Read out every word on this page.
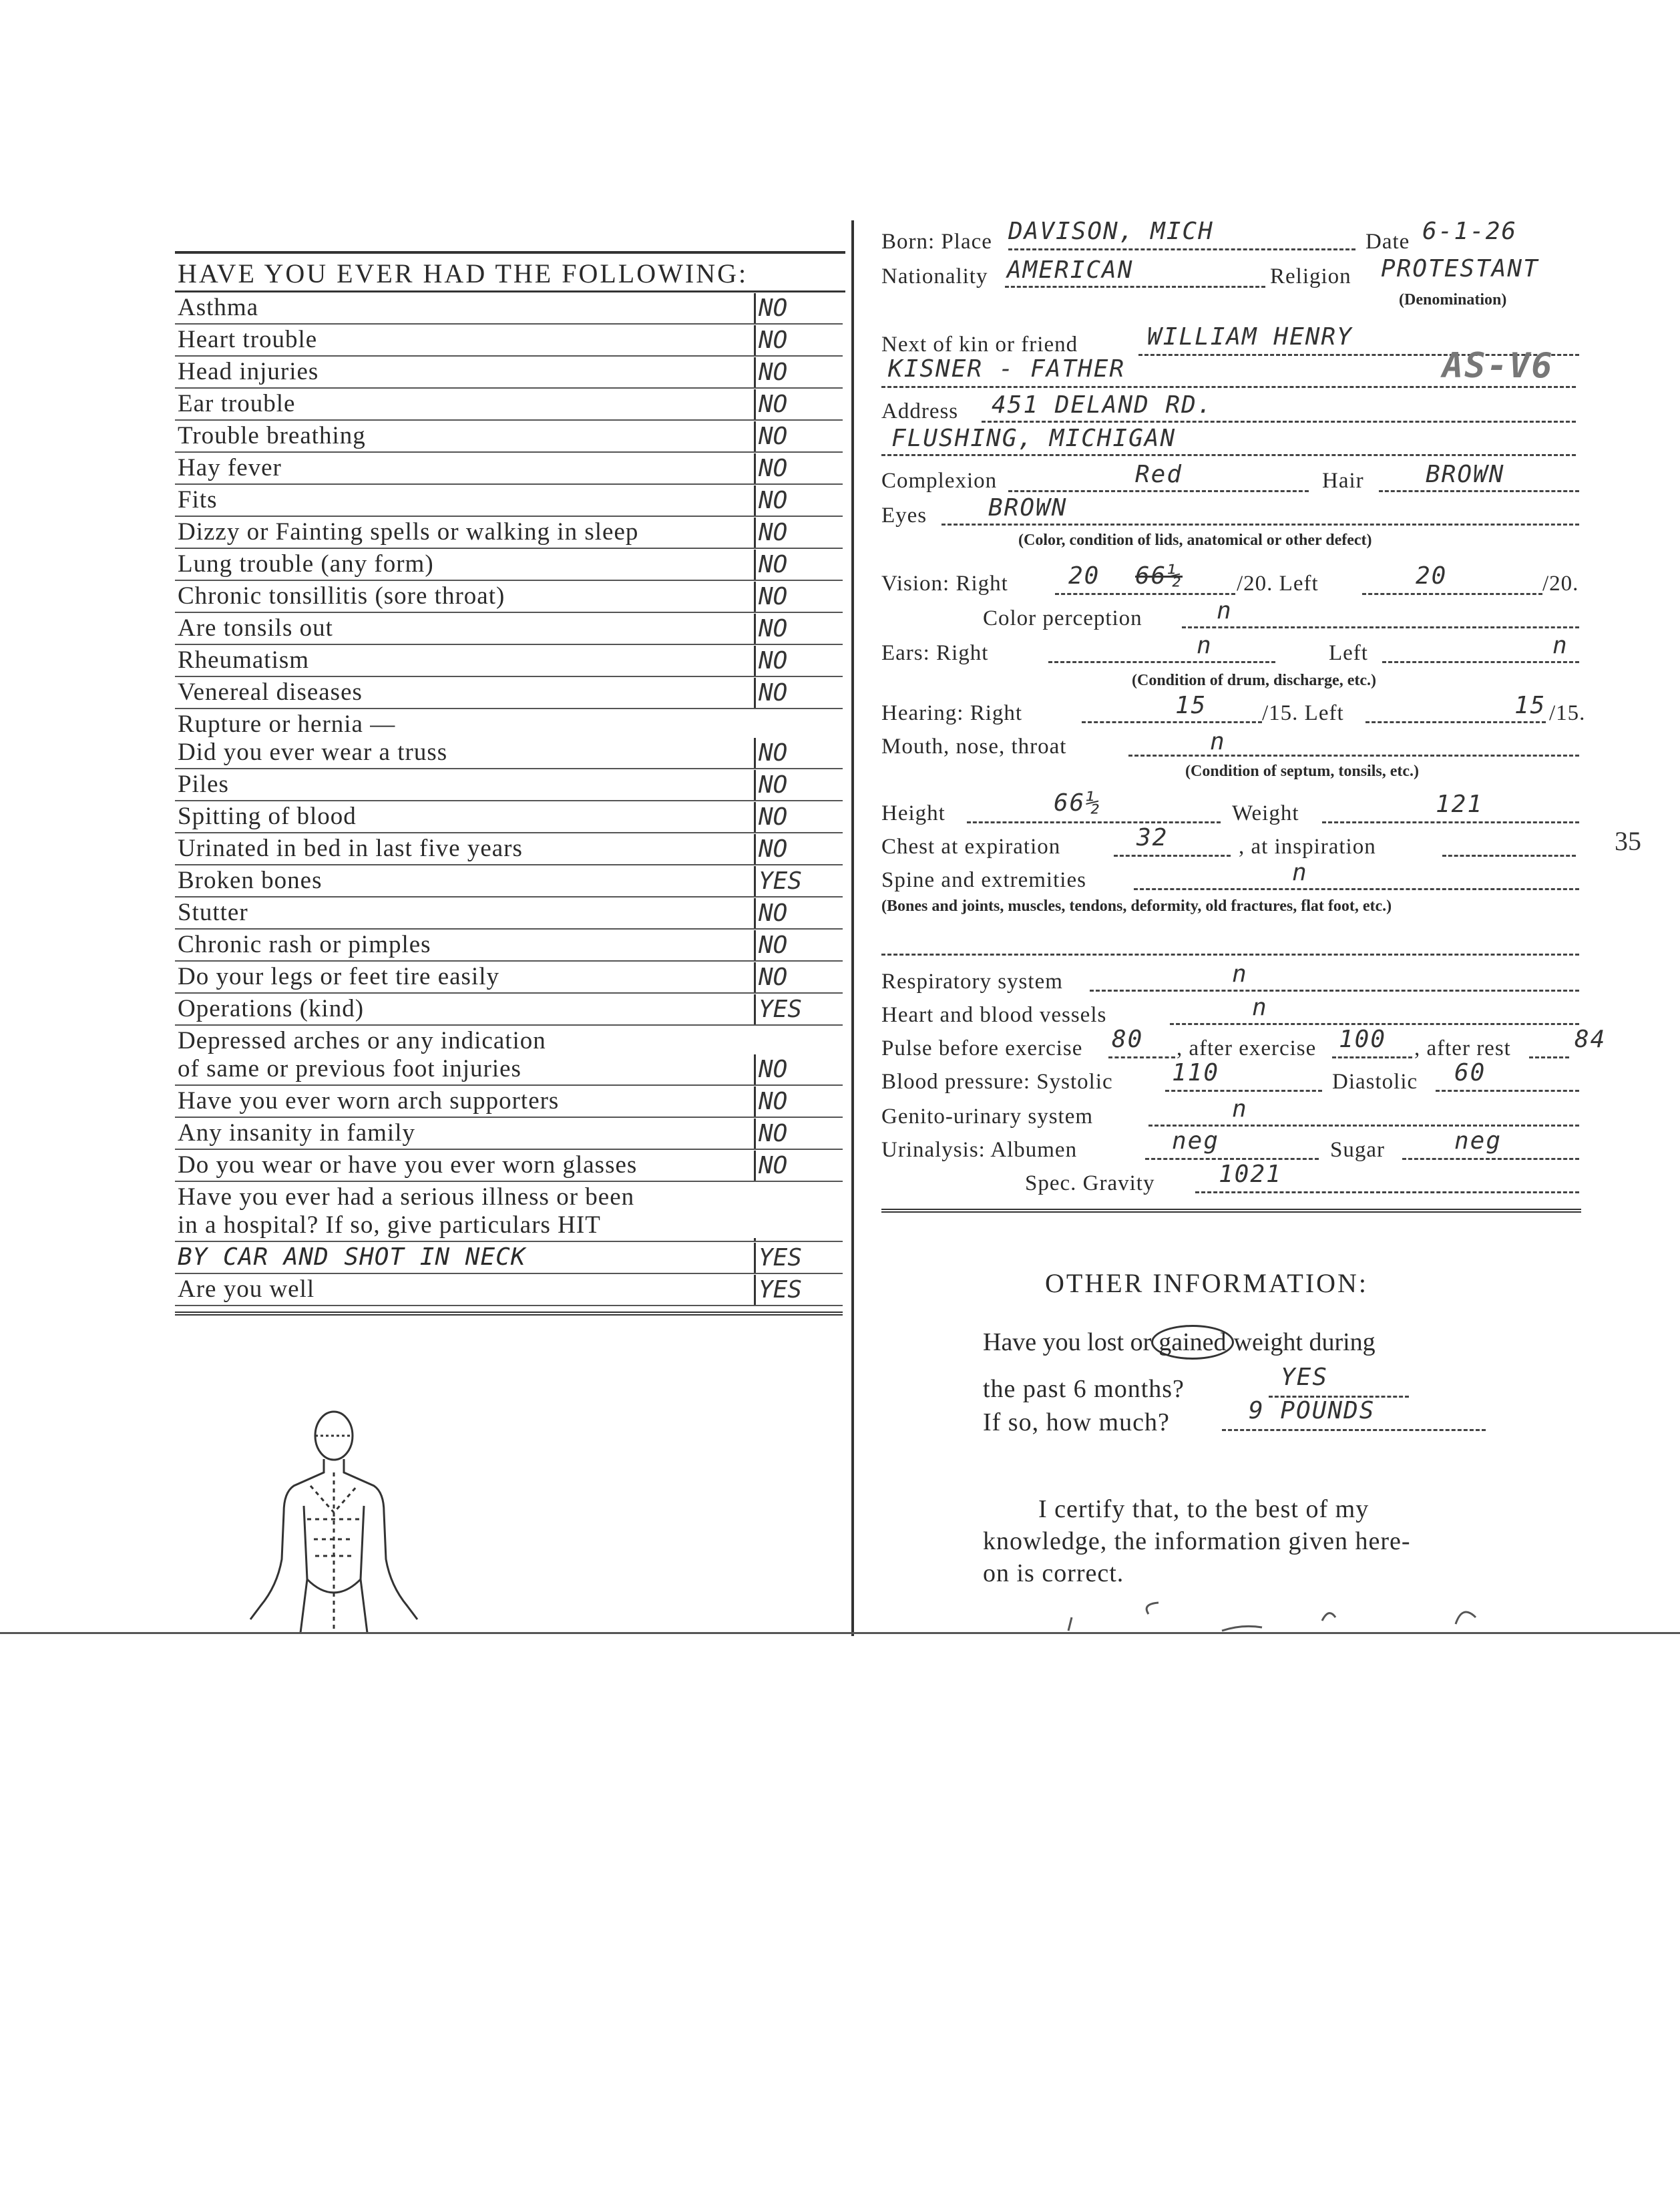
HAVE YOU EVER HAD THE FOLLOWING:
Asthma	NO
Heart trouble	NO
Head injuries	NO
Ear trouble	NO
Trouble breathing	NO
Hay fever	NO
Fits	NO
Dizzy or Fainting spells or walking in sleep	NO
Lung trouble (any form)	NO
Chronic tonsillitis (sore throat)	NO
Are tonsils out	NO
Rheumatism	NO
Venereal diseases	NO
Rupture or hernia —
Did you ever wear a truss	NO
Piles	NO
Spitting of blood	NO
Urinated in bed in last five years	NO
Broken bones	YES
Stutter	NO
Chronic rash or pimples	NO
Do your legs or feet tire easily	NO
Operations (kind)	YES
Depressed arches or any indication
of same or previous foot injuries	NO
Have you ever worn arch supporters	NO
Any insanity in family	NO
Do you wear or have you ever worn glasses	NO
Have you ever had a serious illness or been
in a hospital? If so, give particulars HIT
BY CAR AND SHOT IN NECK	YES
Are you well	YES
Born: Place DAVISON, MICH	Date 6-1-26
Nationality AMERICAN	Religion PROTESTANT
(Denomination)
Next of kin or friend	WILLIAM HENRY
KISNER - FATHER	AS-V6
Address 451 DELAND RD.
FLUSHING, MICHIGAN
Complexion	Red	Hair	BROWN
Eyes	BROWN
(Color, condition of lids, anatomical or other defect)
Vision: Right	20 66½ /20. Left	20	/20.
Color perception	n
Ears: Right	n	Left	n
(Condition of drum, discharge, etc.)
Hearing: Right	15	/15. Left	15 /15.
Mouth, nose, throat	n
(Condition of septum, tonsils, etc.)
Height	66½	Weight	121
Chest at expiration	32	, at inspiration	35
Spine and extremities	n
(Bones and joints, muscles, tendons, deformity, old fractures, flat foot, etc.)
Respiratory system	n
Heart and blood vessels	n
Pulse before exercise 80 , after exercise 100 , after rest	84
Blood pressure: Systolic 110	Diastolic 60
Genito-urinary system	n
Urinalysis: Albumen	neg	Sugar	neg
Spec. Gravity	1021
OTHER INFORMATION:
Have you lost or gained weight during
the past 6 months?	YES
If so, how much?	9 POUNDS
I certify that, to the best of my
knowledge, the information given here-
on is correct.
